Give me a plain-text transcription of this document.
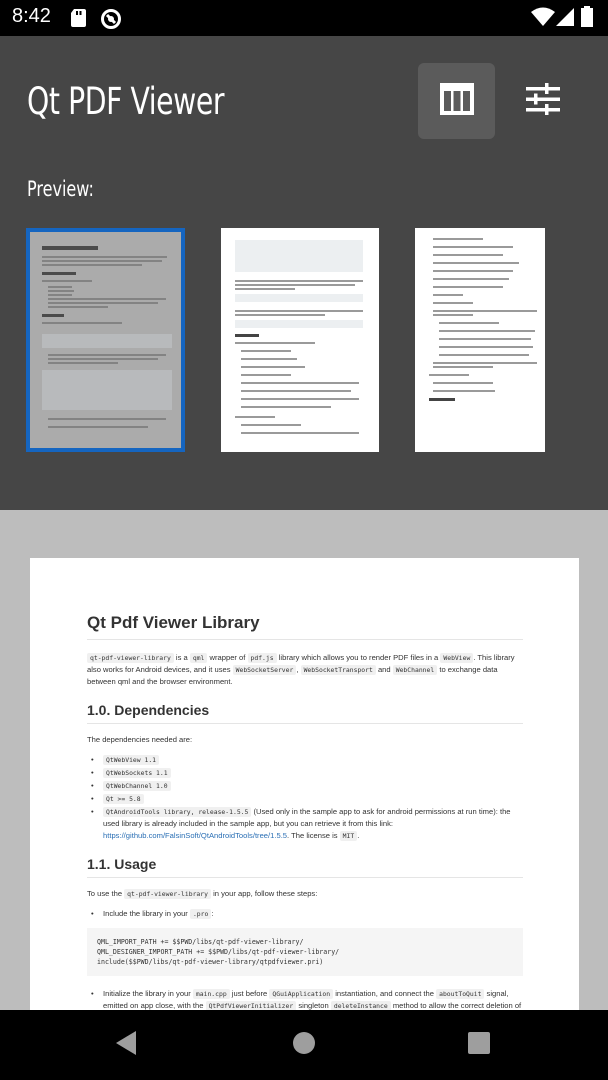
8:42
Qt PDF Viewer
Preview:
Qt Pdf Viewer Library

qt-pdf-viewer-library is a qml wrapper of pdf.js library which allows you to render PDF files in a WebView . This library also works for Android devices, and it uses WebSocketServer , WebSocketTransport and WebChannel to exchange data between qml and the browser environment.

1.0. Dependencies

The dependencies needed are:

• QtWebView 1.1
• QtWebSockets 1.1
• QtWebChannel 1.0
• Qt >= 5.8
• QtAndroidTools library, release-1.5.5 (Used only in the sample app to ask for android permissions at run time): the used library is already included in the sample app, but you can retrieve it from this link: https://github.com/FalsinSoft/QtAndroidTools/tree/1.5.5. The license is MIT .
1.1. Usage

To use the qt-pdf-viewer-library in your app, follow these steps:

• Include the library in your .pro :
QML_IMPORT_PATH += $$PWD/libs/qt-pdf-viewer-library/
QML_DESIGNER_IMPORT_PATH += $$PWD/libs/qt-pdf-viewer-library/
include($$PWD/libs/qt-pdf-viewer-library/qtpdfviewer.pri)
• Initialize the library in your main.cpp just before QGuiApplication instantiation, and connect the aboutToQuit signal, emitted on app close, with the QtPdfViewerInitializer singleton deleteInstance method to allow the correct deletion of
